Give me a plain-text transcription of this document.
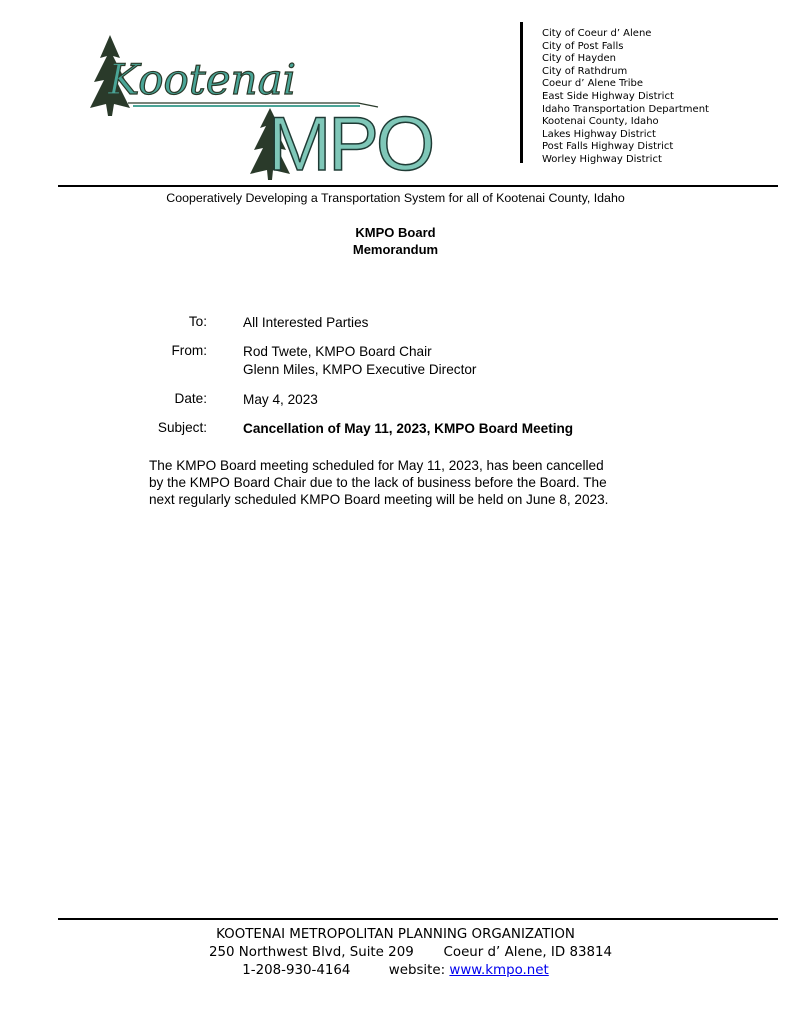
Kootenai
MPO
City of Coeur d’ Alene
City of Post Falls
City of Hayden
City of Rathdrum
Coeur d’ Alene Tribe
East Side Highway District
Idaho Transportation Department
Kootenai County, Idaho
Lakes Highway District
Post Falls Highway District
Worley Highway District
Cooperatively Developing a Transportation System for all of Kootenai County, Idaho
KMPO Board
Memorandum
To:	All Interested Parties
From:	Rod Twete, KMPO Board Chair
Glenn Miles, KMPO Executive Director
Date:	May 4, 2023
Subject:	Cancellation of May 11, 2023, KMPO Board Meeting
The KMPO Board meeting scheduled for May 11, 2023, has been cancelled
by the KMPO Board Chair due to the lack of business before the Board. The
next regularly scheduled KMPO Board meeting will be held on June 8, 2023.
KOOTENAI METROPOLITAN PLANNING ORGANIZATION
250 Northwest Blvd, Suite 209 Coeur d’ Alene, ID 83814
1-208-930-4164	website: www.kmpo.net
